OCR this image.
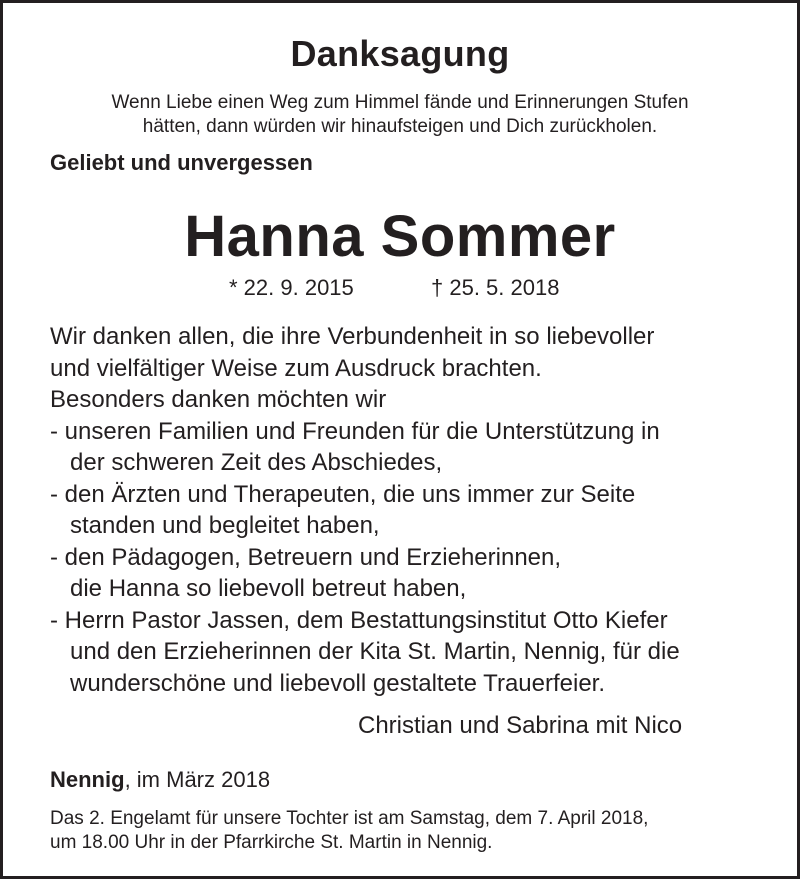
Danksagung
Wenn Liebe einen Weg zum Himmel fände und Erinnerungen Stufen
hätten, dann würden wir hinaufsteigen und Dich zurückholen.
Geliebt und unvergessen
Hanna Sommer
* 22. 9. 2015	† 25. 5. 2018
Wir danken allen, die ihre Verbundenheit in so liebevoller
und vielfältiger Weise zum Ausdruck brachten.
Besonders danken möchten wir
- unseren Familien und Freunden für die Unterstützung in
der schweren Zeit des Abschiedes,
- den Ärzten und Therapeuten, die uns immer zur Seite
standen und begleitet haben,
- den Pädagogen, Betreuern und Erzieherinnen,
die Hanna so liebevoll betreut haben,
- Herrn Pastor Jassen, dem Bestattungsinstitut Otto Kiefer
und den Erzieherinnen der Kita St. Martin, Nennig, für die
wunderschöne und liebevoll gestaltete Trauerfeier.
Christian und Sabrina mit Nico
Nennig, im März 2018
Das 2. Engelamt für unsere Tochter ist am Samstag, dem 7. April 2018,
um 18.00 Uhr in der Pfarrkirche St. Martin in Nennig.
